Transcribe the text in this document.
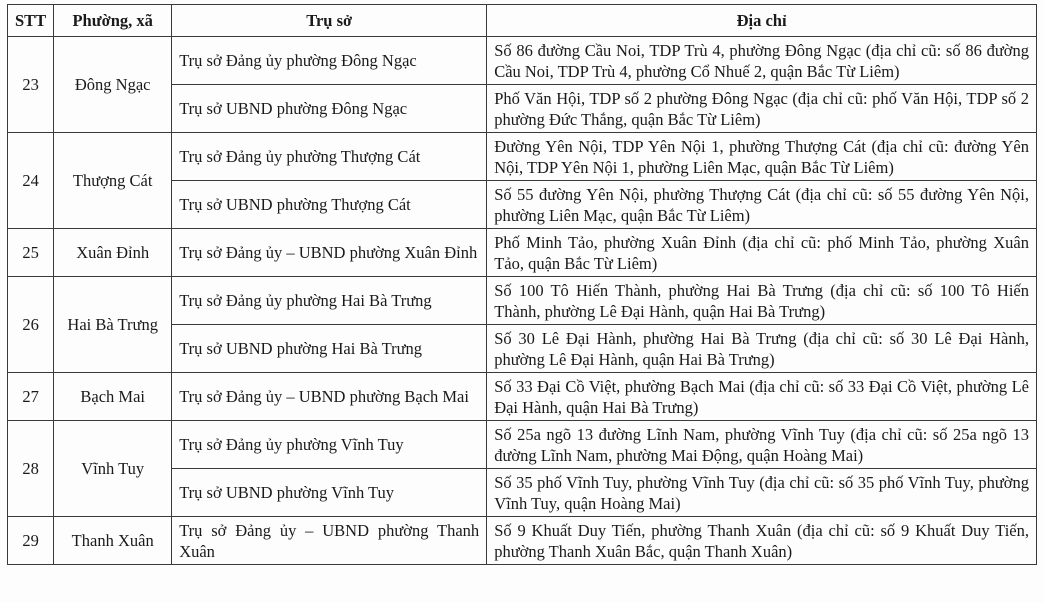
STT	Phường, xã	Trụ sở	Địa chỉ
23	Đông Ngạc	Trụ sở Đảng ủy phường Đông Ngạc	Số 86 đường Cầu Noi, TDP Trù 4, phường Đông Ngạc (địa chỉ cũ: số 86 đường Cầu Noi, TDP Trù 4, phường Cổ Nhuế 2, quận Bắc Từ Liêm)
		Trụ sở UBND phường Đông Ngạc	Phố Văn Hội, TDP số 2 phường Đông Ngạc (địa chỉ cũ: phố Văn Hội, TDP số 2 phường Đức Thắng, quận Bắc Từ Liêm)
24	Thượng Cát	Trụ sở Đảng ủy phường Thượng Cát	Đường Yên Nội, TDP Yên Nội 1, phường Thượng Cát (địa chỉ cũ: đường Yên Nội, TDP Yên Nội 1, phường Liên Mạc, quận Bắc Từ Liêm)
		Trụ sở UBND phường Thượng Cát	Số 55 đường Yên Nội, phường Thượng Cát (địa chỉ cũ: số 55 đường Yên Nội, phường Liên Mạc, quận Bắc Từ Liêm)
25	Xuân Đỉnh	Trụ sở Đảng ủy – UBND phường Xuân Đỉnh	Phố Minh Tảo, phường Xuân Đỉnh (địa chỉ cũ: phố Minh Tảo, phường Xuân Tảo, quận Bắc Từ Liêm)
26	Hai Bà Trưng	Trụ sở Đảng ủy phường Hai Bà Trưng	Số 100 Tô Hiến Thành, phường Hai Bà Trưng (địa chỉ cũ: số 100 Tô Hiến Thành, phường Lê Đại Hành, quận Hai Bà Trưng)
		Trụ sở UBND phường Hai Bà Trưng	Số 30 Lê Đại Hành, phường Hai Bà Trưng (địa chỉ cũ: số 30 Lê Đại Hành, phường Lê Đại Hành, quận Hai Bà Trưng)
27	Bạch Mai	Trụ sở Đảng ủy – UBND phường Bạch Mai	Số 33 Đại Cồ Việt, phường Bạch Mai (địa chỉ cũ: số 33 Đại Cồ Việt, phường Lê Đại Hành, quận Hai Bà Trưng)
28	Vĩnh Tuy	Trụ sở Đảng ủy phường Vĩnh Tuy	Số 25a ngõ 13 đường Lĩnh Nam, phường Vĩnh Tuy (địa chỉ cũ: số 25a ngõ 13 đường Lĩnh Nam, phường Mai Động, quận Hoàng Mai)
		Trụ sở UBND phường Vĩnh Tuy	Số 35 phố Vĩnh Tuy, phường Vĩnh Tuy (địa chỉ cũ: số 35 phố Vĩnh Tuy, phường Vĩnh Tuy, quận Hoàng Mai)
29	Thanh Xuân	Trụ sở Đảng ủy – UBND phường Thanh Xuân	Số 9 Khuất Duy Tiến, phường Thanh Xuân (địa chỉ cũ: số 9 Khuất Duy Tiến, phường Thanh Xuân Bắc, quận Thanh Xuân)
